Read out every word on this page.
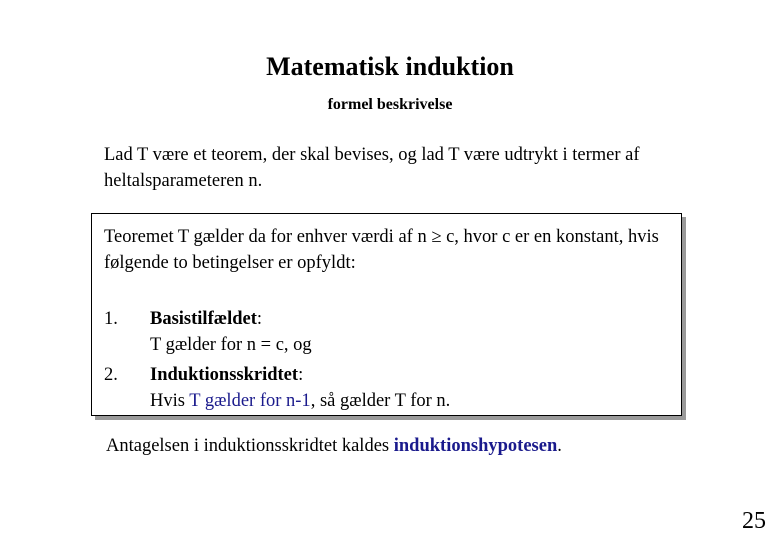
Matematisk induktion
formel beskrivelse
Lad T være et teorem, der skal bevises, og lad T være udtrykt i termer af heltalsparameteren n.
Teoremet T gælder da for enhver værdi af n ≥ c, hvor c er en konstant, hvis følgende to betingelser er opfyldt:
1. Basistilfældet:
T gælder for n = c, og
2. Induktionsskridtet:
Hvis T gælder for n-1, så gælder T for n.
Antagelsen i induktionsskridtet kaldes induktionshypotesen.
25
